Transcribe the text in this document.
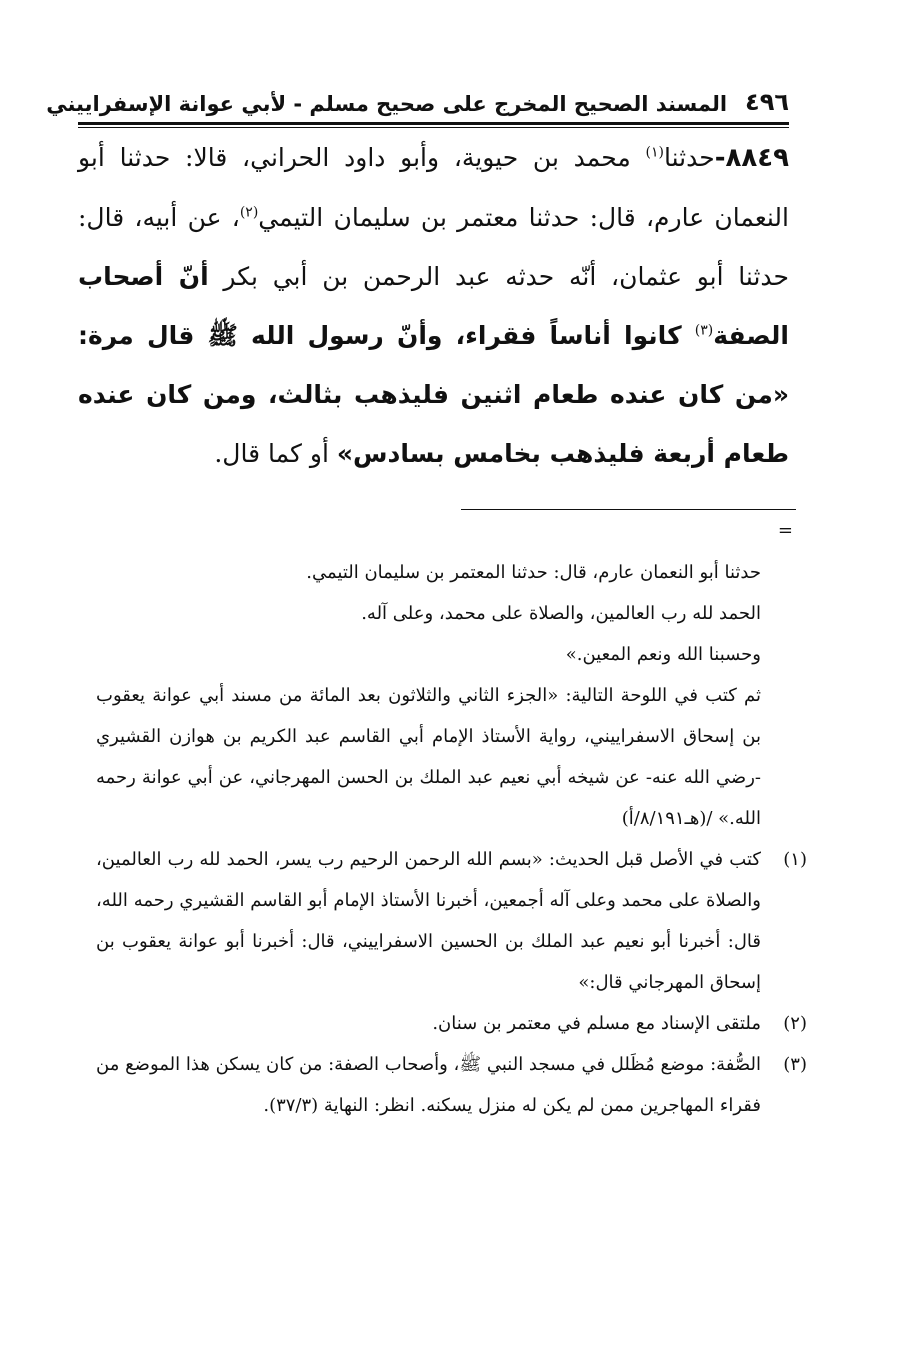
٤٩٦
المسند الصحيح المخرج على صحيح مسلم - لأبي عوانة الإسفراييني

٨٨٤٩-حدثنا$^{(١)}$ محمد بن حيوية، وأبو داود الحراني، قالا: حدثنا أبو النعمان عارم، قال: حدثنا معتمر بن سليمان التيمي$^{(٢)}$، عن أبيه، قال: حدثنا أبو عثمان، أنّه حدثه عبد الرحمن بن أبي بكر أنّ أصحاب الصفة$^{(٣)}$ كانوا أناساً فقراء، وأنّ رسول الله ﷺ قال مرة: «من كان عنده طعام اثنين فليذهب بثالث، ومن كان عنده طعام أربعة فليذهب بخامس بسادس» أو كما قال.

=

حدثنا أبو النعمان عارم، قال: حدثنا المعتمر بن سليمان التيمي.

الحمد لله رب العالمين، والصلاة على محمد، وعلى آله.

وحسبنا الله ونعم المعين.»

ثم كتب في اللوحة التالية: «الجزء الثاني والثلاثون بعد المائة من مسند أبي عوانة يعقوب بن إسحاق الاسفراييني، رواية الأستاذ الإمام أبي القاسم عبد الكريم بن هوازن القشيري -رضي الله عنه- عن شيخه أبي نعيم عبد الملك بن الحسن المهرجاني، عن أبي عوانة رحمه الله.» /(هـ٨/١٩١/أ)

(١)
كتب في الأصل قبل الحديث: «بسم الله الرحمن الرحيم رب يسر، الحمد لله رب العالمين، والصلاة على محمد وعلى آله أجمعين، أخبرنا الأستاذ الإمام أبو القاسم القشيري رحمه الله، قال: أخبرنا أبو نعيم عبد الملك بن الحسين الاسفراييني، قال: أخبرنا أبو عوانة يعقوب بن إسحاق المهرجاني قال:»
(٢)
ملتقى الإسناد مع مسلم في معتمر بن سنان.
(٣)
الصُّفة: موضع مُظَلل في مسجد النبي ﷺ، وأصحاب الصفة: من كان يسكن هذا الموضع من فقراء المهاجرين ممن لم يكن له منزل يسكنه. انظر: النهاية (٣٧/٣).
